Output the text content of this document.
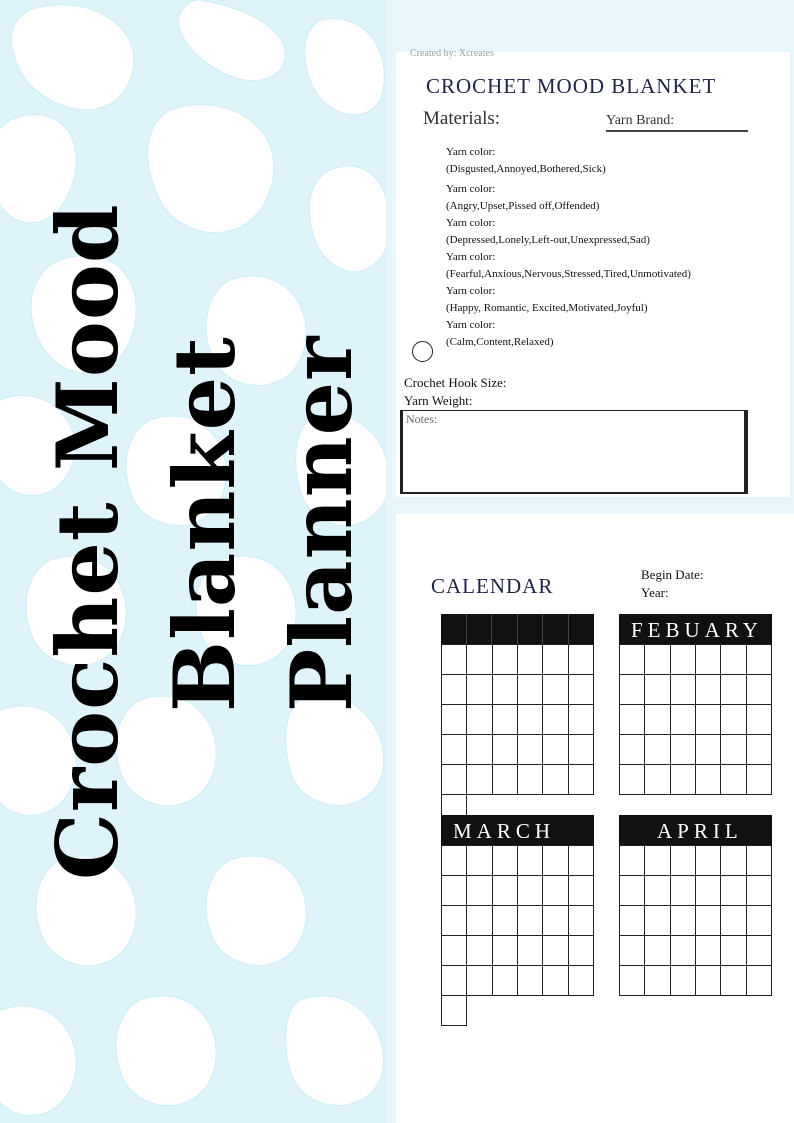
Crochet Mood Blanket Planner
Created by: Xcreates
CROCHET MOOD BLANKET
Materials:	Yarn Brand:
Yarn color:
(Disgusted,Annoyed,Bothered,Sick)
Yarn color:
(Angry,Upset,Pissed off,Offended)
Yarn color:
(Depressed,Lonely,Left-out,Unexpressed,Sad)
Yarn color:
(Fearful,Anxious,Nervous,Stressed,Tired,Unmotivated)
Yarn color:
(Happy, Romantic, Excited,Motivated,Joyful)
Yarn color:
(Calm,Content,Relaxed)
Crochet Hook Size:
Yarn Weight:
Notes:
CALENDAR	Begin Date:
Year:
FEBUARY
MARCH	APRIL
